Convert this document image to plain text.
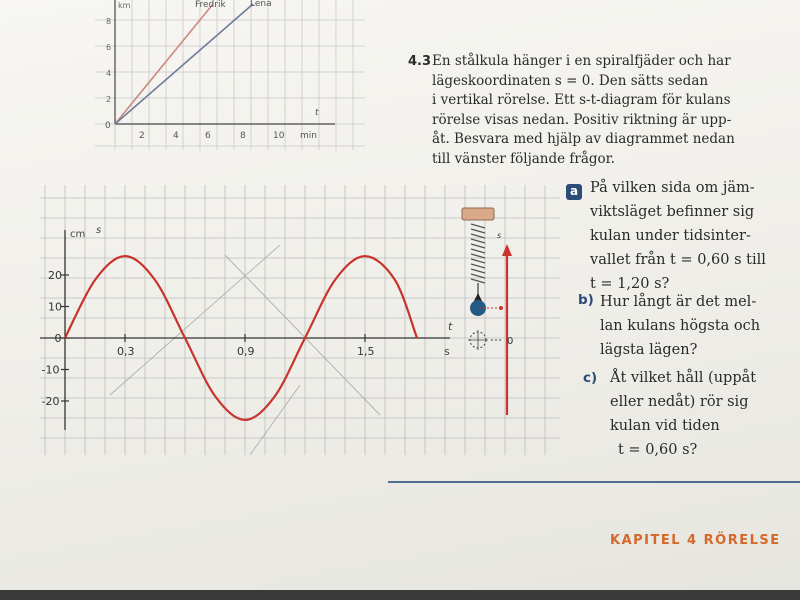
Fredrik	Lena
km
0
2	4	6	8	10 min
t
2
4
6
8
4.3 En stålkula hänger i en spiralfjäder och har
lägeskoordinaten s = 0. Den sätts sedan
i vertikal rörelse. Ett s-t-diagram för kulans
rörelse visas nedan. Positiv riktning är upp-
åt. Besvara med hjälp av diagrammet nedan
till vänster följande frågor.
cm s
s
t
0,3	0,9	1,5
20
10
0
-10
-20
s
0
a På vilken sida om jäm-
viktsläget befinner sig
kulan under tidsinter-
vallet från t = 0,60 s till
t = 1,20 s?
b) Hur långt är det mel-
lan kulans högsta och
lägsta lägen?
c) Åt vilket håll (uppåt
eller nedåt) rör sig
kulan vid tiden
t = 0,60 s?
KAPITEL 4 RÖRELSE
